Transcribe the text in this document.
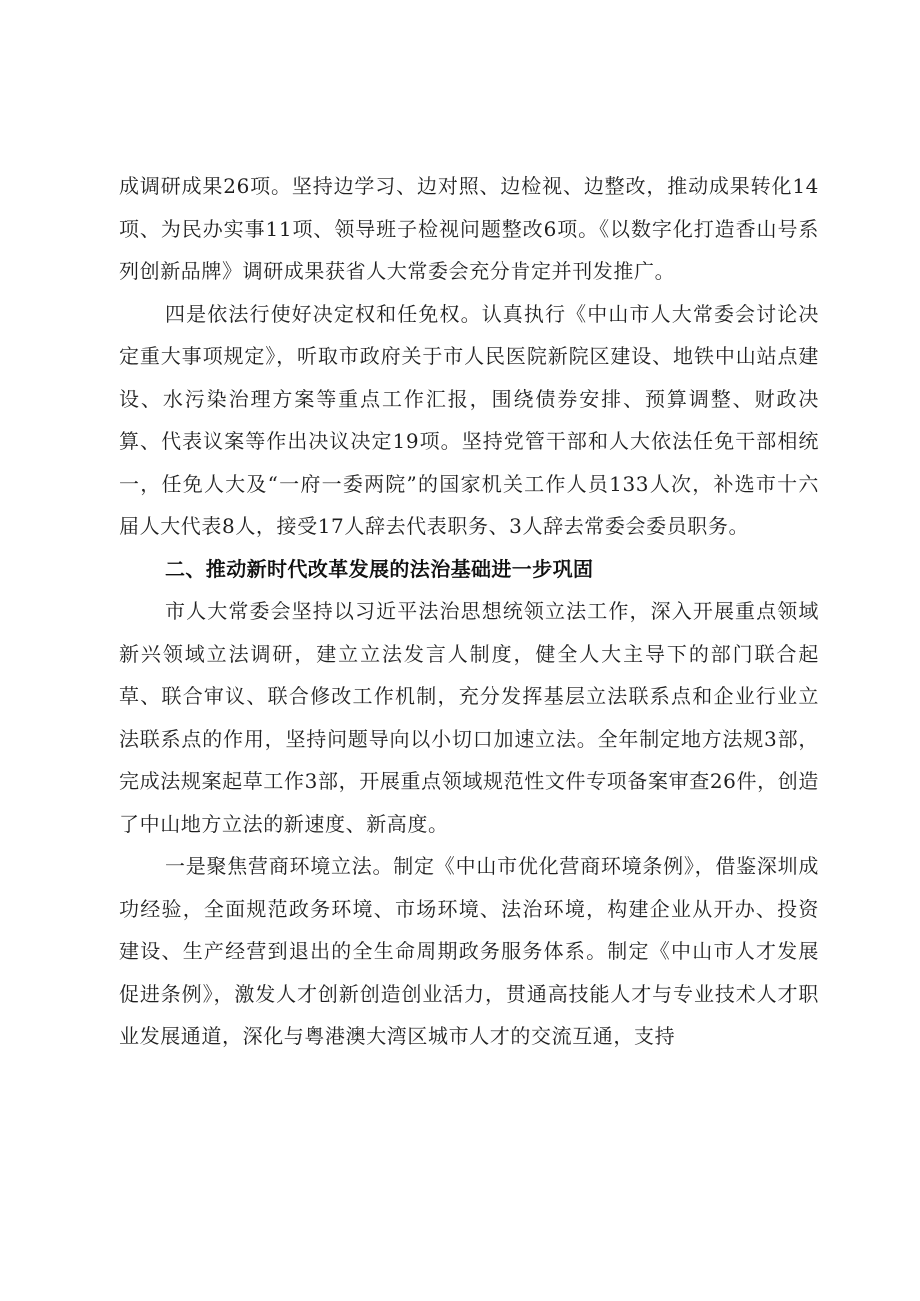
成调研成果26项。坚持边学习、边对照、边检视、边整改，推动成果转化14项、为民办实事11项、领导班子检视问题整改6项。《以数字化打造香山号系列创新品牌》调研成果获省人大常委会充分肯定并刊发推广。

四是依法行使好决定权和任免权。认真执行《中山市人大常委会讨论决定重大事项规定》，听取市政府关于市人民医院新院区建设、地铁中山站点建设、水污染治理方案等重点工作汇报，围绕债券安排、预算调整、财政决算、代表议案等作出决议决定19项。坚持党管干部和人大依法任免干部相统一，任免人大及“一府一委两院”的国家机关工作人员133人次，补选市十六届人大代表8人，接受17人辞去代表职务、3人辞去常委会委员职务。

二、推动新时代改革发展的法治基础进一步巩固

市人大常委会坚持以习近平法治思想统领立法工作，深入开展重点领域新兴领域立法调研，建立立法发言人制度，健全人大主导下的部门联合起草、联合审议、联合修改工作机制，充分发挥基层立法联系点和企业行业立法联系点的作用，坚持问题导向以小切口加速立法。全年制定地方法规3部，完成法规案起草工作3部，开展重点领域规范性文件专项备案审查26件，创造了中山地方立法的新速度、新高度。

一是聚焦营商环境立法。制定《中山市优化营商环境条例》，借鉴深圳成功经验，全面规范政务环境、市场环境、法治环境，构建企业从开办、投资建设、生产经营到退出的全生命周期政务服务体系。制定《中山市人才发展促进条例》，激发人才创新创造创业活力，贯通高技能人才与专业技术人才职业发展通道，深化与粤港澳大湾区城市人才的交流互通，支持
